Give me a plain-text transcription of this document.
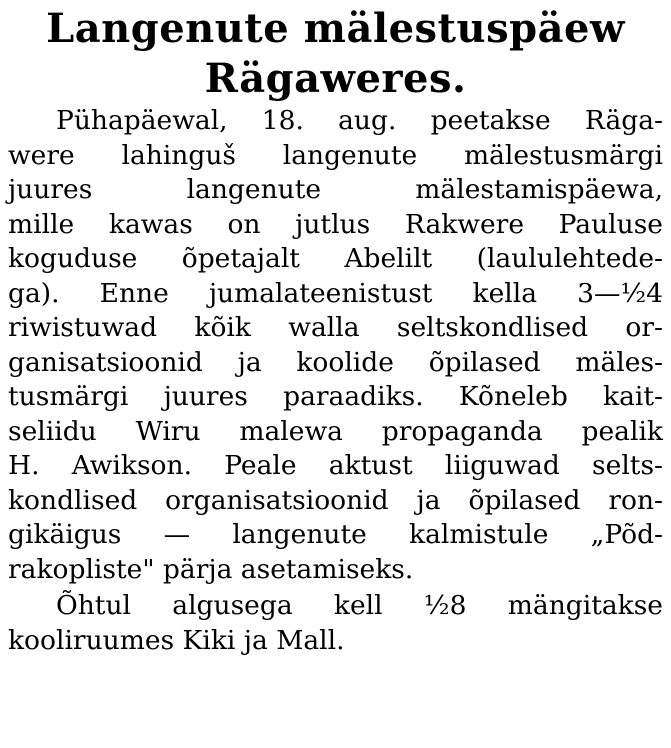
Langenute mälestuspäew
Rägaweres.
Pühapäewal, 18. aug. peetakse Rägа-
were lahinguš langenute mälestusmärgi
juures langenute mälestamispäewa,
mille kawas on jutlus Rakwere Pauluse
koguduse õpetajalt Abelilt (laululehtede-
ga). Enne jumalateenistust kella 3—½4
riwistuwad kõik walla seltskondlised or-
ganisatsioonid ja koolide õpilased mäles-
tusmärgi juures paraadiks. Kõneleb kait-
seliidu Wiru malewa propaganda pealik
H. Awikson. Peale aktust liiguwad selts-
kondlised organisatsioonid ja õpilased ron-
gikäigus — langenute kalmistule „Põd-
rakopliste" pärja asetamiseks.
Õhtul algusega kell ½8 mängitakse
kooliruumes Kiki ja Mall.
